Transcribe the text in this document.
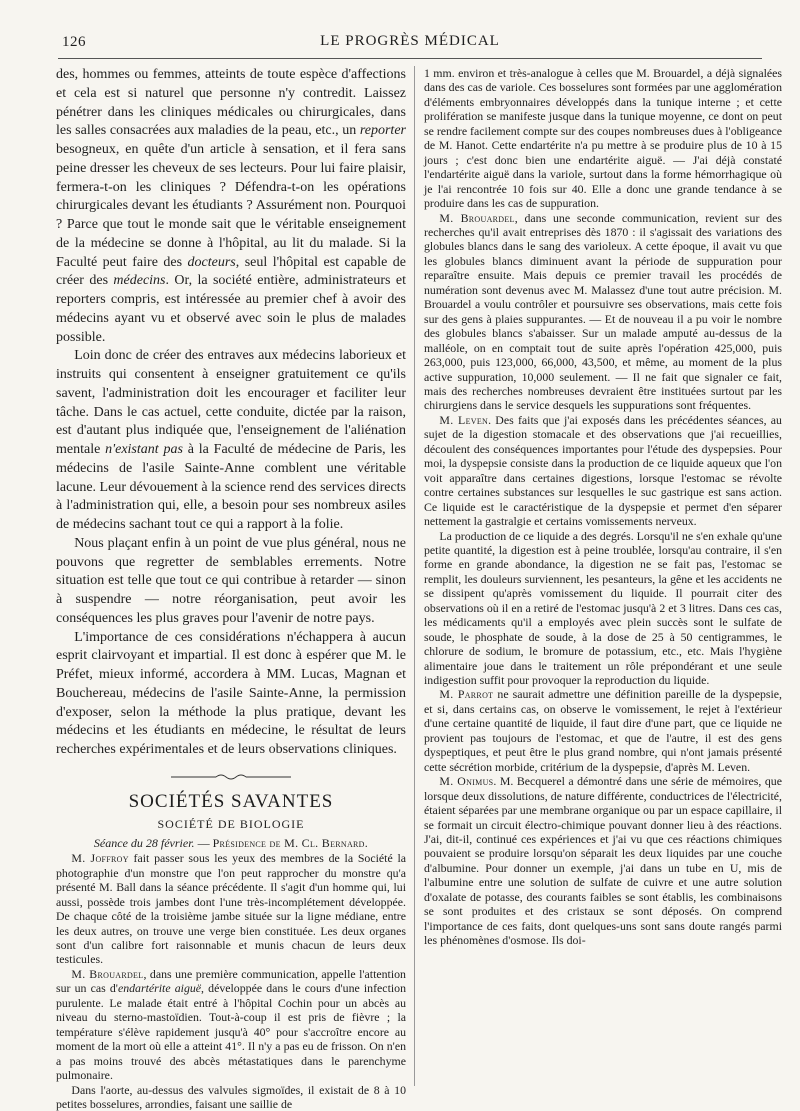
126	LE PROGRÈS MÉDICAL

des, hommes ou femmes, atteints de toute espèce d'affections et cela est si naturel que personne n'y contredit. Laissez pénétrer dans les cliniques médicales ou chirurgicales, dans les salles consacrées aux maladies de la peau, etc., un reporter besogneux, en quête d'un article à sensation, et il fera sans peine dresser les cheveux de ses lecteurs. Pour lui faire plaisir, fermera-t-on les cliniques ? Défendra-t-on les opérations chirurgicales devant les étudiants ? Assurément non. Pourquoi ? Parce que tout le monde sait que le véritable enseignement de la médecine se donne à l'hôpital, au lit du malade. Si la Faculté peut faire des docteurs, seul l'hôpital est capable de créer des médecins. Or, la société entière, administrateurs et reporters compris, est intéressée au premier chef à avoir des médecins ayant vu et observé avec soin le plus de malades possible.

Loin donc de créer des entraves aux médecins laborieux et instruits qui consentent à enseigner gratuitement ce qu'ils savent, l'administration doit les encourager et faciliter leur tâche. Dans le cas actuel, cette conduite, dictée par la raison, est d'autant plus indiquée que, l'enseignement de l'aliénation mentale n'existant pas à la Faculté de médecine de Paris, les médecins de l'asile Sainte-Anne comblent une véritable lacune. Leur dévouement à la science rend des services directs à l'administration qui, elle, a besoin pour ses nombreux asiles de médecins sachant tout ce qui a rapport à la folie.

Nous plaçant enfin à un point de vue plus général, nous ne pouvons que regretter de semblables errements. Notre situation est telle que tout ce qui contribue à retarder — sinon à suspendre — notre réorganisation, peut avoir les conséquences les plus graves pour l'avenir de notre pays.

L'importance de ces considérations n'échappera à aucun esprit clairvoyant et impartial. Il est donc à espérer que M. le Préfet, mieux informé, accordera à MM. Lucas, Magnan et Bouchereau, médecins de l'asile Sainte-Anne, la permission d'exposer, selon la méthode la plus pratique, devant les médecins et les étudiants en médecine, le résultat de leurs recherches expérimentales et de leurs observations cliniques.

SOCIÉTÉS SAVANTES
SOCIÉTÉ DE BIOLOGIE
Séance du 28 février. — Présidence de M. Cl. Bernard.

M. Joffroy fait passer sous les yeux des membres de la Société la photographie d'un monstre que l'on peut rapprocher du monstre qu'a présenté M. Ball dans la séance précédente. Il s'agit d'un homme qui, lui aussi, possède trois jambes dont l'une très-incomplétement développée. De chaque côté de la troisième jambe située sur la ligne médiane, entre les deux autres, on trouve une verge bien constituée. Les deux organes sont d'un calibre fort raisonnable et munis chacun de leurs deux testicules.

M. Brouardel, dans une première communication, appelle l'attention sur un cas d'endartérite aiguë, développée dans le cours d'une infection purulente. Le malade était entré à l'hôpital Cochin pour un abcès au niveau du sterno-mastoïdien. Tout-à-coup il est pris de fièvre ; la température s'élève rapidement jusqu'à 40° pour s'accroître encore au moment de la mort où elle a atteint 41°. Il n'y a pas eu de frisson. On n'en a pas moins trouvé des abcès métastatiques dans le parenchyme pulmonaire.

Dans l'aorte, au-dessus des valvules sigmoïdes, il existait de 8 à 10 petites bosselures, arrondies, faisant une saillie de

1 mm. environ et très-analogue à celles que M. Brouardel, a déjà signalées dans des cas de variole. Ces bosselures sont formées par une agglomération d'éléments embryonnaires développés dans la tunique interne ; et cette prolifération se manifeste jusque dans la tunique moyenne, ce dont on peut se rendre facilement compte sur des coupes nombreuses dues à l'obligeance de M. Hanot. Cette endartérite n'a pu mettre à se produire plus de 10 à 15 jours ; c'est donc bien une endartérite aiguë. — J'ai déjà constaté l'endartérite aiguë dans la variole, surtout dans la forme hémorrhagique où je l'ai rencontrée 10 fois sur 40. Elle a donc une grande tendance à se produire dans les cas de suppuration.

M. Brouardel, dans une seconde communication, revient sur des recherches qu'il avait entreprises dès 1870 : il s'agissait des variations des globules blancs dans le sang des varioleux. A cette époque, il avait vu que les globules blancs diminuent avant la période de suppuration pour reparaître ensuite. Mais depuis ce premier travail les procédés de numération sont devenus avec M. Malassez d'une tout autre précision. M. Brouardel a voulu contrôler et poursuivre ses observations, mais cette fois sur des gens à plaies suppurantes. — Et de nouveau il a pu voir le nombre des globules blancs s'abaisser. Sur un malade amputé au-dessus de la malléole, on en comptait tout de suite après l'opération 425,000, puis 263,000, puis 123,000, 66,000, 43,500, et même, au moment de la plus active suppuration, 10,000 seulement. — Il ne fait que signaler ce fait, mais des recherches nombreuses devraient être instituées surtout par les chirurgiens dans le service desquels les suppurations sont fréquentes.

M. Leven. Des faits que j'ai exposés dans les précédentes séances, au sujet de la digestion stomacale et des observations que j'ai recueillies, découlent des conséquences importantes pour l'étude des dyspepsies. Pour moi, la dyspepsie consiste dans la production de ce liquide aqueux que l'on voit apparaître dans certaines digestions, lorsque l'estomac se révolte contre certaines substances sur lesquelles le suc gastrique est sans action. Ce liquide est le caractéristique de la dyspepsie et permet d'en séparer nettement la gastralgie et certains vomissements nerveux.

La production de ce liquide a des degrés. Lorsqu'il ne s'en exhale qu'une petite quantité, la digestion est à peine troublée, lorsqu'au contraire, il s'en forme en grande abondance, la digestion ne se fait pas, l'estomac se remplit, les douleurs surviennent, les pesanteurs, la gêne et les accidents ne se dissipent qu'après vomissement du liquide. Il pourrait citer des observations où il en a retiré de l'estomac jusqu'à 2 et 3 litres. Dans ces cas, les médicaments qu'il a employés avec plein succès sont le sulfate de soude, le phosphate de soude, à la dose de 25 à 50 centigrammes, le chlorure de sodium, le bromure de potassium, etc., etc. Mais l'hygiène alimentaire joue dans le traitement un rôle prépondérant et une seule indigestion suffit pour provoquer la reproduction du liquide.

M. Parrot ne saurait admettre une définition pareille de la dyspepsie, et si, dans certains cas, on observe le vomissement, le rejet à l'extérieur d'une certaine quantité de liquide, il faut dire d'une part, que ce liquide ne provient pas toujours de l'estomac, et que de l'autre, il est des gens dyspeptiques, et peut être le plus grand nombre, qui n'ont jamais présenté cette sécrétion morbide, critérium de la dyspepsie, d'après M. Leven.

M. Onimus. M. Becquerel a démontré dans une série de mémoires, que lorsque deux dissolutions, de nature différente, conductrices de l'électricité, étaient séparées par une membrane organique ou par un espace capillaire, il se formait un circuit électro-chimique pouvant donner lieu à des réactions. J'ai, dit-il, continué ces expériences et j'ai vu que ces réactions chimiques pouvaient se produire lorsqu'on séparait les deux liquides par une couche d'albumine. Pour donner un exemple, j'ai dans un tube en U, mis de l'albumine entre une solution de sulfate de cuivre et une autre solution d'oxalate de potasse, des courants faibles se sont établis, les combinaisons se sont produites et des cristaux se sont déposés. On comprend l'importance de ces faits, dont quelques-uns sont sans doute rangés parmi les phénomènes d'osmose. Ils doi-
